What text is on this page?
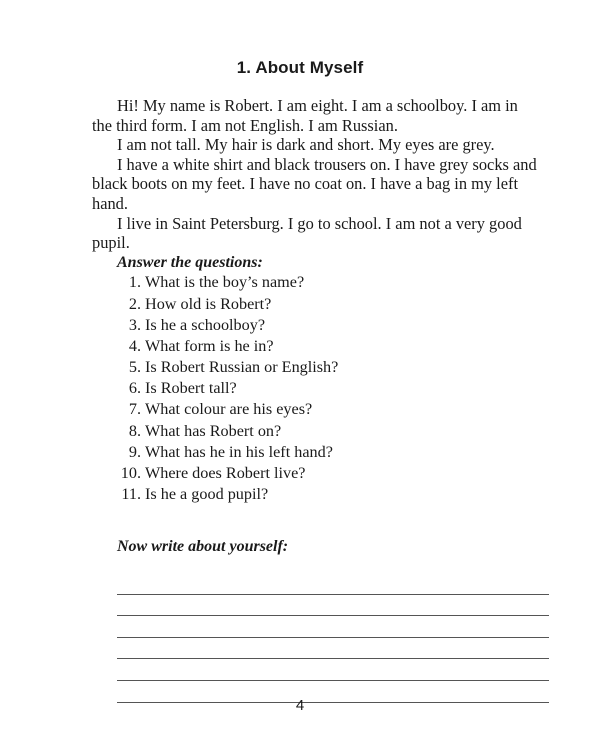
1. About Myself
Hi! My name is Robert. I am eight. I am a schoolboy. I am in
the third form. I am not English. I am Russian.
I am not tall. My hair is dark and short. My eyes are grey.
I have a white shirt and black trousers on. I have grey socks and
black boots on my feet. I have no coat on. I have a bag in my left
hand.
I live in Saint Petersburg. I go to school. I am not a very good
pupil.

Answer the questions:

1. What is the boy’s name?
2. How old is Robert?
3. Is he a schoolboy?
4. What form is he in?
5. Is Robert Russian or English?
6. Is Robert tall?
7. What colour are his eyes?
8. What has Robert on?
9. What has he in his left hand?
10. Where does Robert live?
11. Is he a good pupil?
Now write about yourself:
4
